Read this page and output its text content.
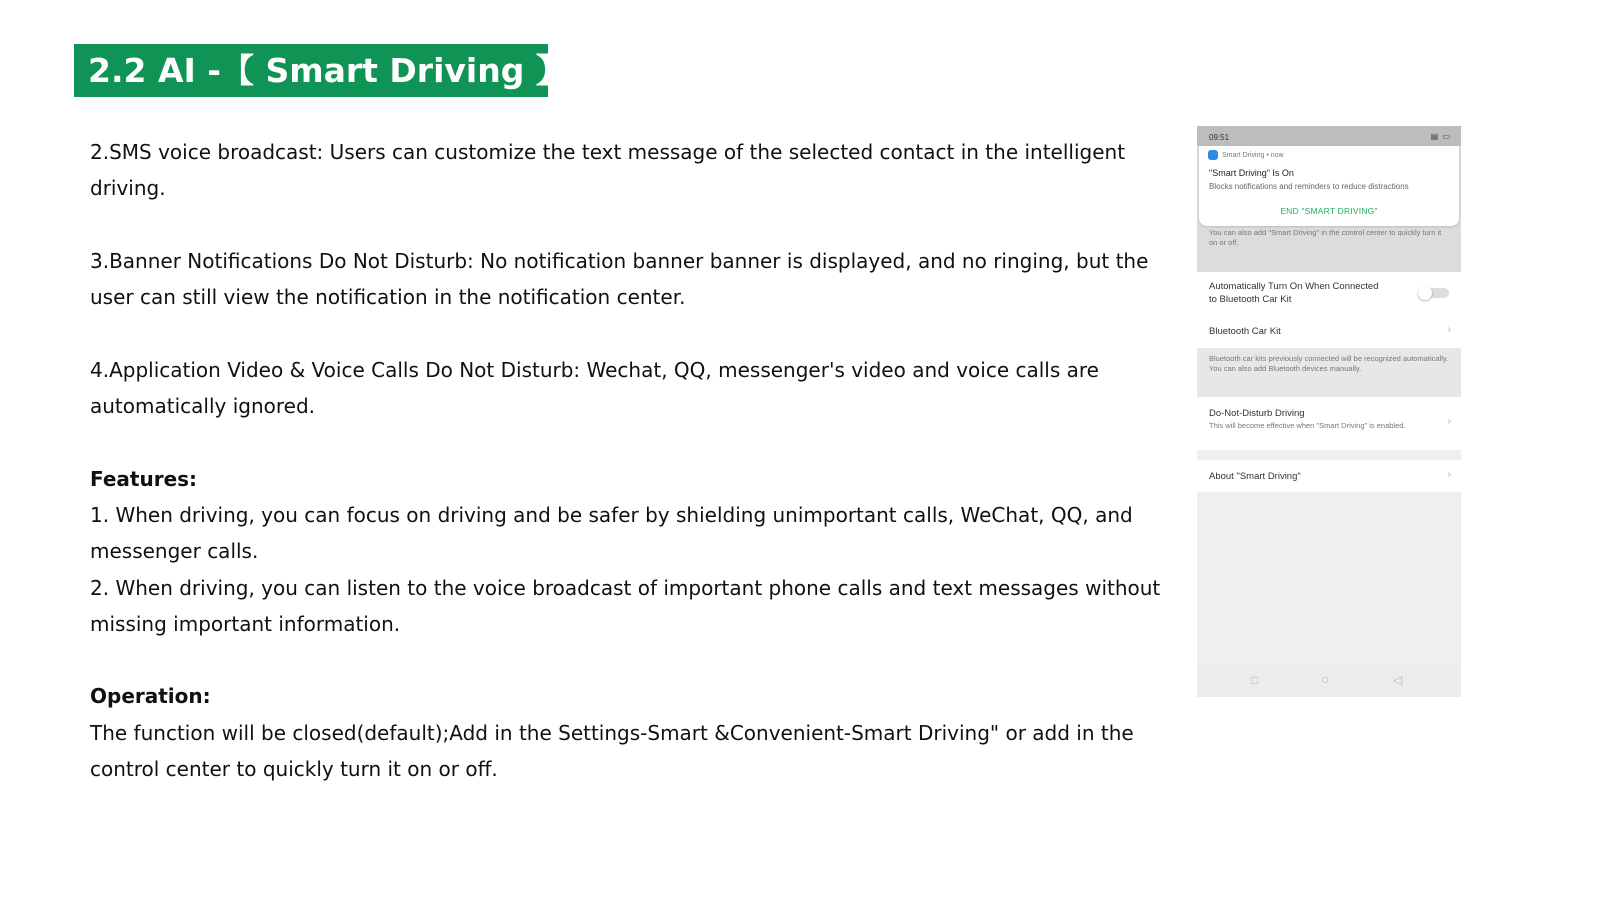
2.2 AI -【 Smart Driving 】

2.SMS voice broadcast: Users can customize the text message of the selected contact in the intelligent driving.

3.Banner Notifications Do Not Disturb: No notification banner banner is displayed, and no ringing, but the user can still view the notification in the notification center.

4.Application Video & Voice Calls Do Not Disturb: Wechat, QQ, messenger's video and voice calls are automatically ignored.

Features:

1. When driving, you can focus on driving and be safer by shielding unimportant calls, WeChat, QQ, and messenger calls.

2. When driving, you can listen to the voice broadcast of important phone calls and text messages without missing important information.

Operation:

The function will be closed(default);Add in the Settings-Smart &Convenient-Smart Driving" or add in the control center to quickly turn it on or off.

09:51	▤ ▭
Smart Driving • now
"Smart Driving" Is On
Blocks notifications and reminders to reduce distractions
END "SMART DRIVING"
You can also add "Smart Driving" in the control center to quickly turn it on or off.
Automatically Turn On When Connected to Bluetooth Car Kit
Bluetooth Car Kit	›
Bluetooth car kits previously connected will be recognized automatically. You can also add Bluetooth devices manually.
Do-Not-Disturb Driving
This will become effective when "Smart Driving" is enabled.	›
About "Smart Driving"	›
□	○	◁
